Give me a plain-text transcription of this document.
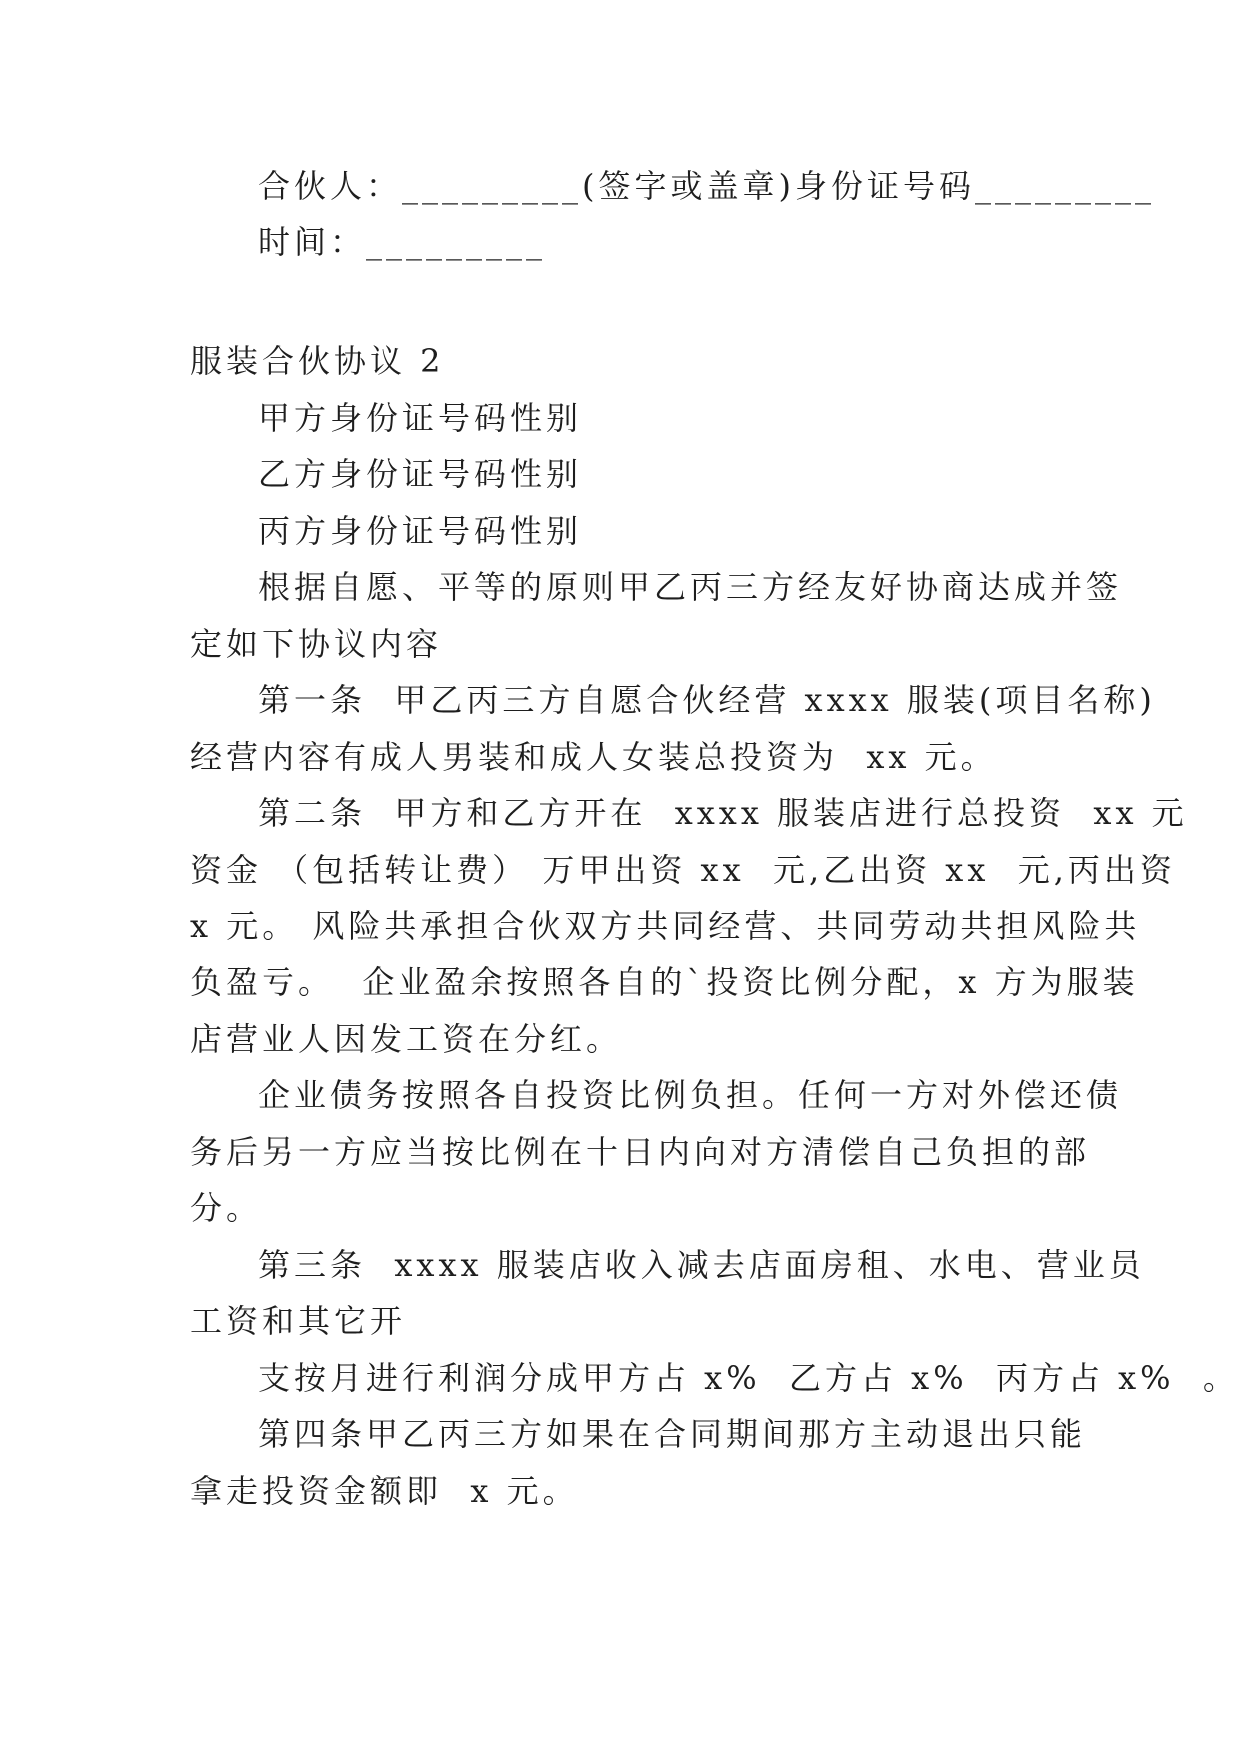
合伙人：_________(签字或盖章)身份证号码_________

时间：_________

服装合伙协议 2

甲方身份证号码性别

乙方身份证号码性别

丙方身份证号码性别

根据自愿、平等的原则甲乙丙三方经友好协商达成并签

定如下协议内容

第一条  甲乙丙三方自愿合伙经营 xxxx 服装(项目名称)

经营内容有成人男装和成人女装总投资为  xx 元。

第二条  甲方和乙方开在  xxxx 服装店进行总投资  xx 元

资金 （包括转让费） 万甲出资 xx  元,乙出资 xx  元,丙出资

x 元。 风险共承担合伙双方共同经营、共同劳动共担风险共

负盈亏。  企业盈余按照各自的`投资比例分配，x 方为服装

店营业人因发工资在分红。

企业债务按照各自投资比例负担。任何一方对外偿还债

务后另一方应当按比例在十日内向对方清偿自己负担的部

分。

第三条  xxxx 服装店收入减去店面房租、水电、营业员

工资和其它开

支按月进行利润分成甲方占 x%  乙方占 x%  丙方占 x%  。

第四条甲乙丙三方如果在合同期间那方主动退出只能

拿走投资金额即  x 元。
